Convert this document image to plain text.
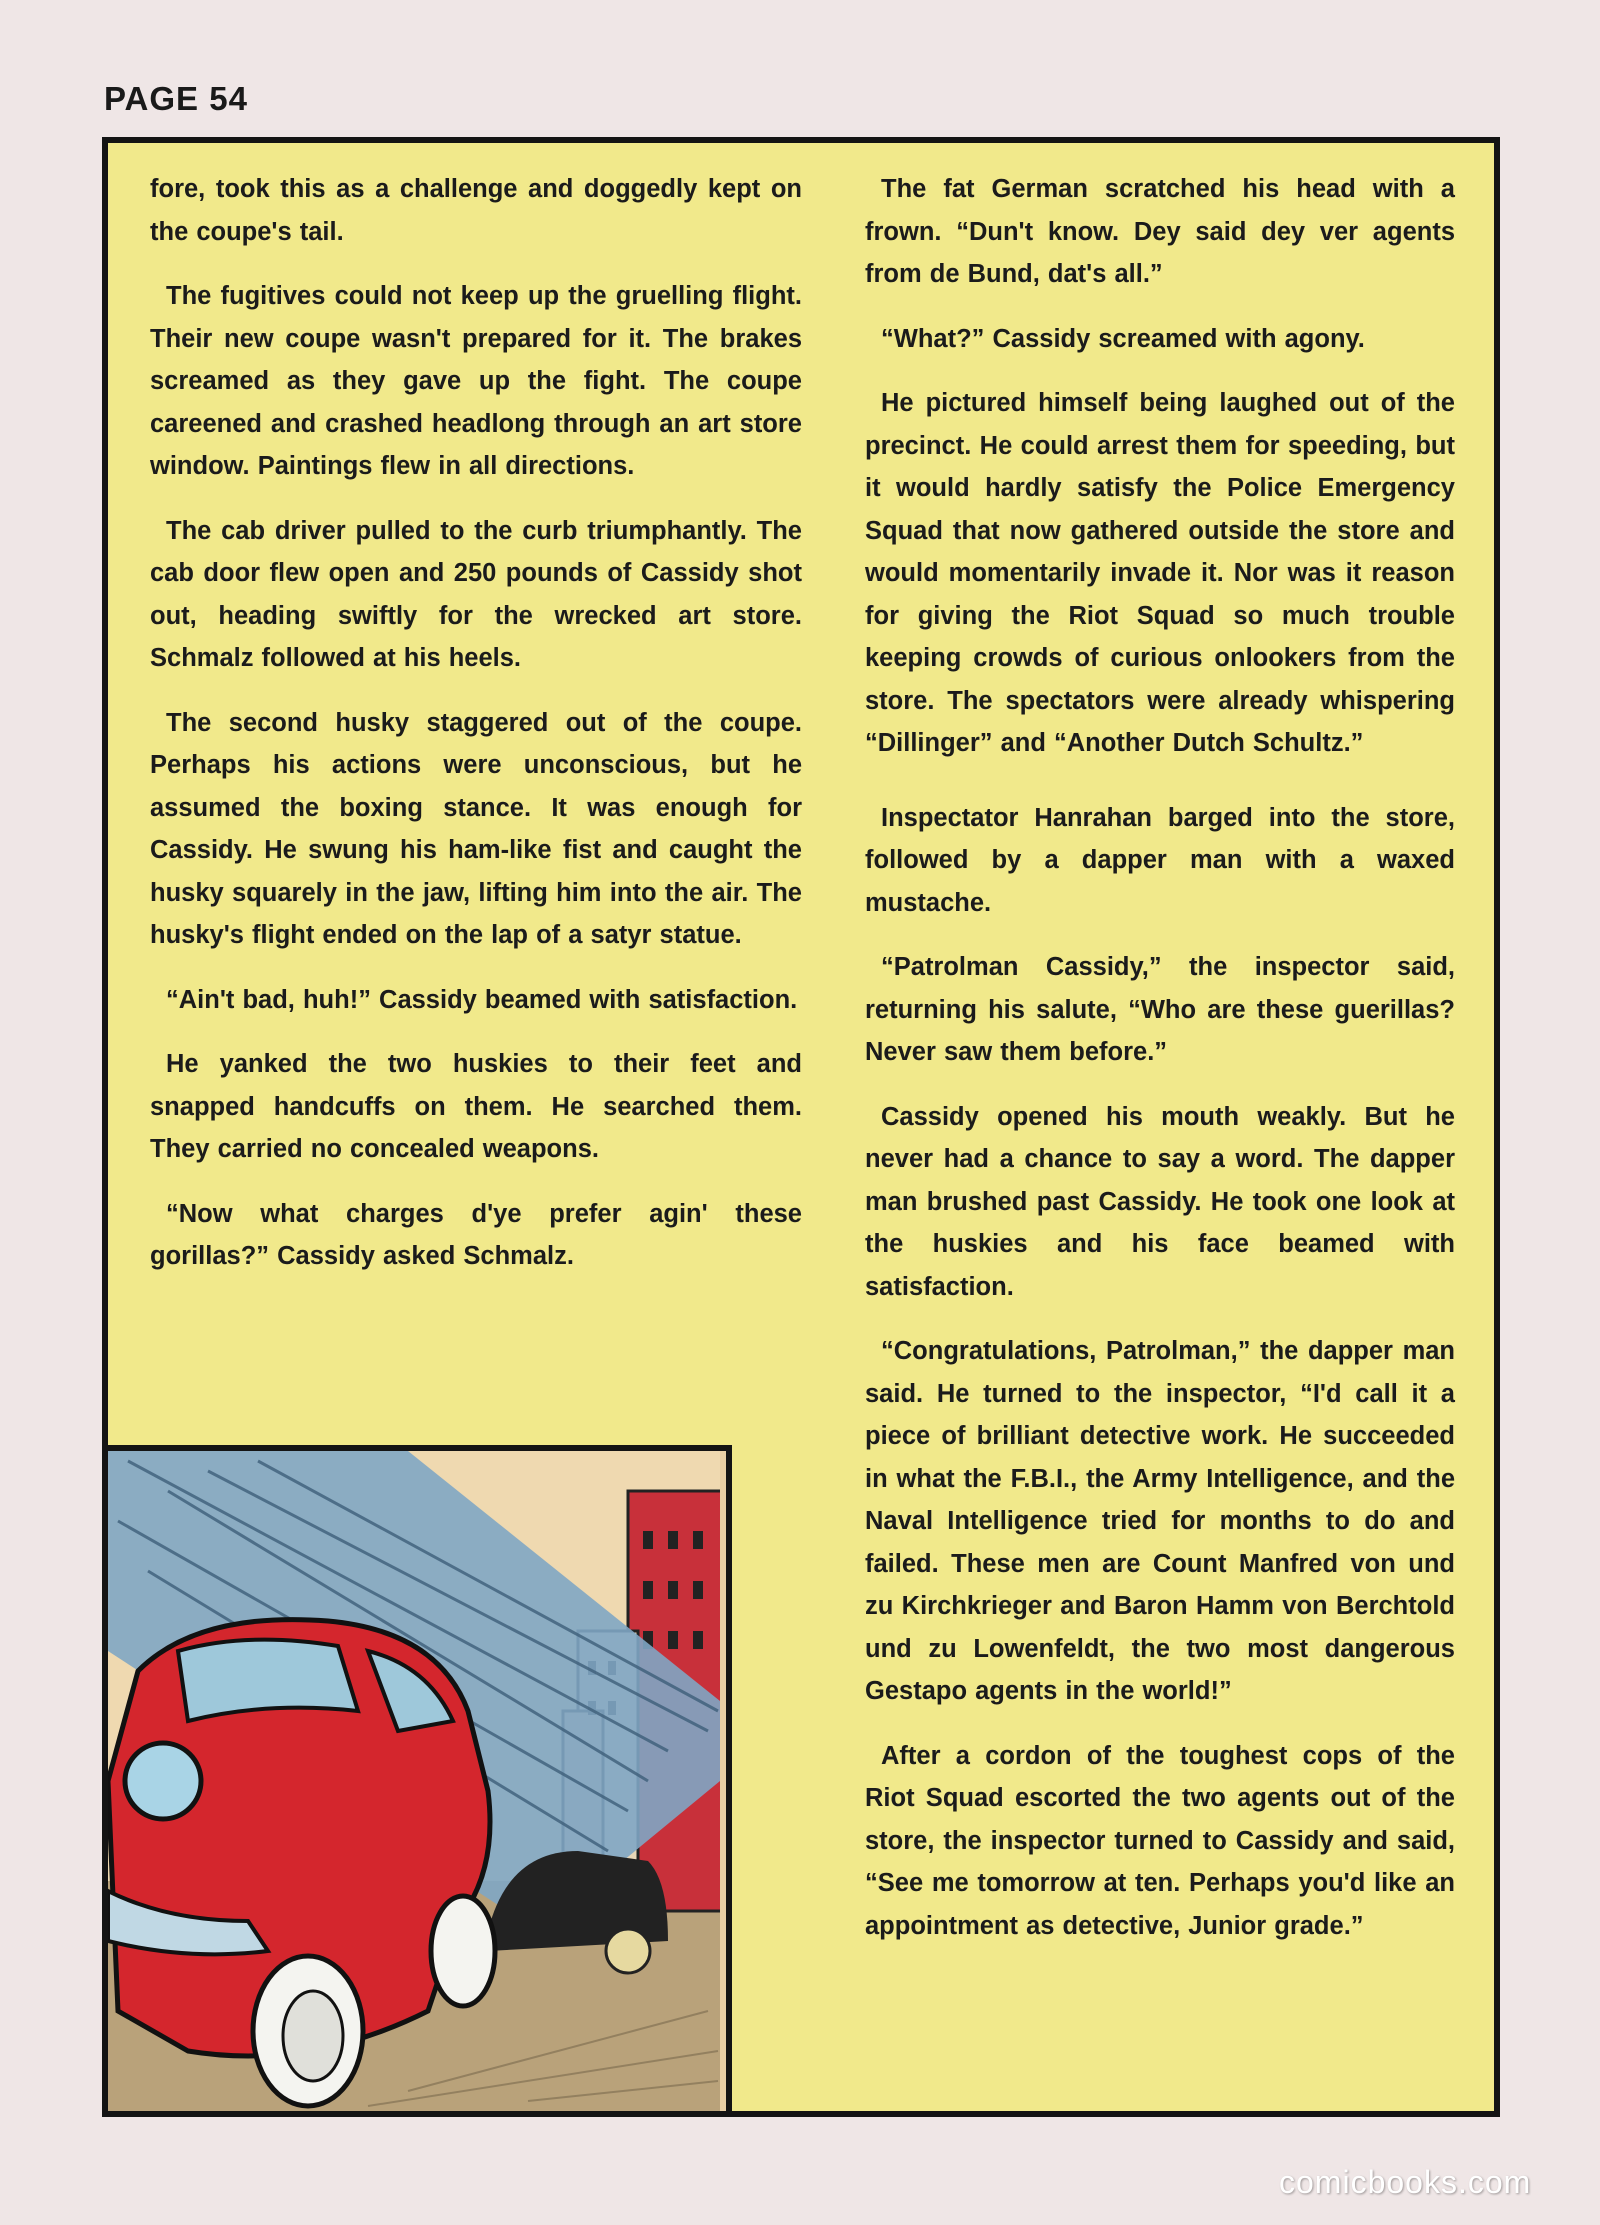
PAGE 54

fore, took this as a challenge and doggedly kept on the coupe's tail.

The fugitives could not keep up the gruelling flight. Their new coupe wasn't prepared for it. The brakes screamed as they gave up the fight. The coupe careened and crashed headlong through an art store window. Paintings flew in all directions.

The cab driver pulled to the curb triumphantly. The cab door flew open and 250 pounds of Cassidy shot out, heading swiftly for the wrecked art store. Schmalz followed at his heels.

The second husky staggered out of the coupe. Perhaps his actions were unconscious, but he assumed the boxing stance. It was enough for Cassidy. He swung his ham-like fist and caught the husky squarely in the jaw, lifting him into the air. The husky's flight ended on the lap of a satyr statue.

“Ain't bad, huh!” Cassidy beamed with satisfaction.

He yanked the two huskies to their feet and snapped handcuffs on them. He searched them. They carried no concealed weapons.

“Now what charges d'ye prefer agin' these gorillas?” Cassidy asked Schmalz.

The fat German scratched his head with a frown. “Dun't know. Dey said dey ver agents from de Bund, dat's all.”

“What?” Cassidy screamed with agony.

He pictured himself being laughed out of the precinct. He could arrest them for speeding, but it would hardly satisfy the Police Emergency Squad that now gathered outside the store and would momentarily invade it. Nor was it reason for giving the Riot Squad so much trouble keeping crowds of curious onlookers from the store. The spectators were already whispering “Dillinger” and “Another Dutch Schultz.”

Inspectator Hanrahan barged into the store, followed by a dapper man with a waxed mustache.

“Patrolman Cassidy,” the inspector said, returning his salute, “Who are these guerillas? Never saw them before.”

Cassidy opened his mouth weakly. But he never had a chance to say a word. The dapper man brushed past Cassidy. He took one look at the huskies and his face beamed with satisfaction.

“Congratulations, Patrolman,” the dapper man said. He turned to the inspector, “I'd call it a piece of brilliant detective work. He succeeded in what the F.B.I., the Army Intelligence, and the Naval Intelligence tried for months to do and failed. These men are Count Manfred von und zu Kirchkrieger and Baron Hamm von Berchtold und zu Lowenfeldt, the two most dangerous Gestapo agents in the world!”

After a cordon of the toughest cops of the Riot Squad escorted the two agents out of the store, the inspector turned to Cassidy and said, “See me tomorrow at ten. Perhaps you'd like an appointment as detective, Junior grade.”

comicbooks.com
